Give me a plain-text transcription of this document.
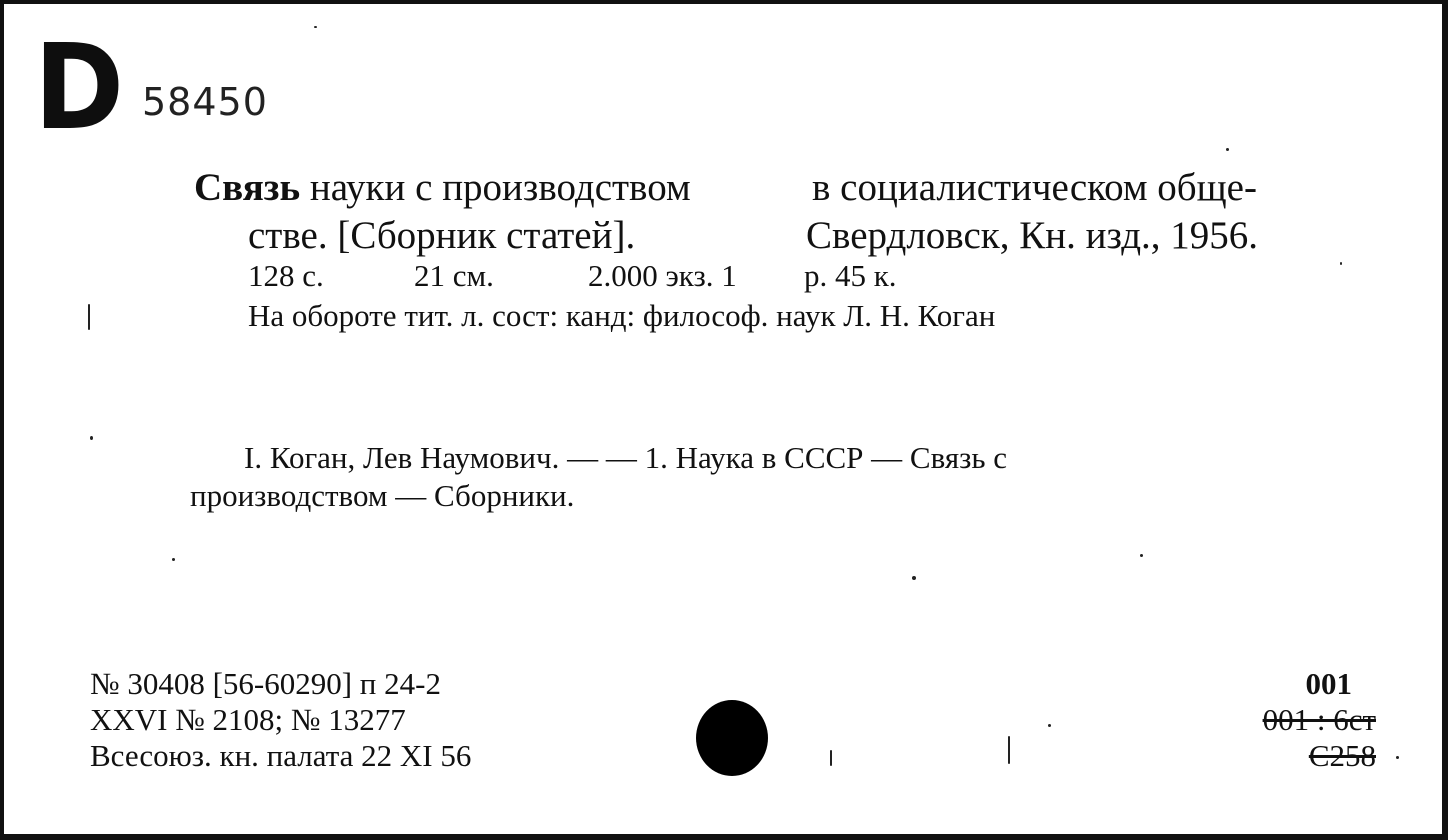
D 58450
Связь науки с производством	в социалистическом обще-
стве. [Сборник статей].	Свердловск, Кн. изд., 1956.
128 с.	21 см.	2.000 экз. 1 р. 45 к.
На обороте тит. л. сост: канд: философ. наук Л. Н. Коган
I. Коган, Лев Наумович. — — 1. Наука в СССР — Связь с
производством — Сборники.
№ 30408 [56-60290] п 24-2
XXVI № 2108; № 13277
Всесоюз. кн. палата 22 XI 56
001
001 : 6ст
С258
